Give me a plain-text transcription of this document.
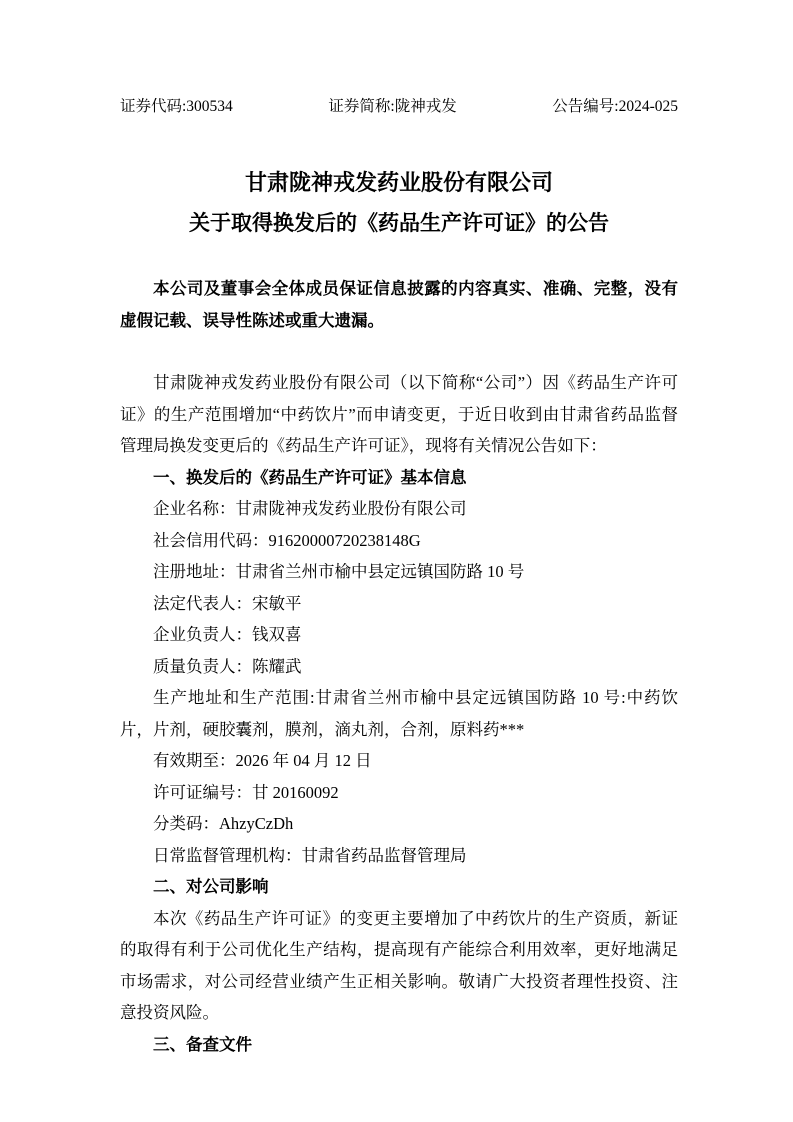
证券代码:300534	证券简称:陇神戎发	公告编号:2024-025
甘肃陇神戎发药业股份有限公司
关于取得换发后的《药品生产许可证》的公告

本公司及董事会全体成员保证信息披露的内容真实、准确、完整，没有虚假记载、误导性陈述或重大遗漏。

甘肃陇神戎发药业股份有限公司（以下简称“公司”）因《药品生产许可证》的生产范围增加“中药饮片”而申请变更，于近日收到由甘肃省药品监督管理局换发变更后的《药品生产许可证》，现将有关情况公告如下：

一、换发后的《药品生产许可证》基本信息

企业名称：甘肃陇神戎发药业股份有限公司

社会信用代码：91620000720238148G

注册地址：甘肃省兰州市榆中县定远镇国防路 10 号

法定代表人：宋敏平

企业负责人：钱双喜

质量负责人：陈耀武

生产地址和生产范围:甘肃省兰州市榆中县定远镇国防路 10 号:中药饮片，片剂，硬胶囊剂，膜剂，滴丸剂，合剂，原料药***

有效期至：2026 年 04 月 12 日

许可证编号：甘 20160092

分类码：AhzyCzDh

日常监督管理机构：甘肃省药品监督管理局

二、对公司影响

本次《药品生产许可证》的变更主要增加了中药饮片的生产资质，新证的取得有利于公司优化生产结构，提高现有产能综合利用效率，更好地满足市场需求，对公司经营业绩产生正相关影响。敬请广大投资者理性投资、注意投资风险。

三、备查文件
